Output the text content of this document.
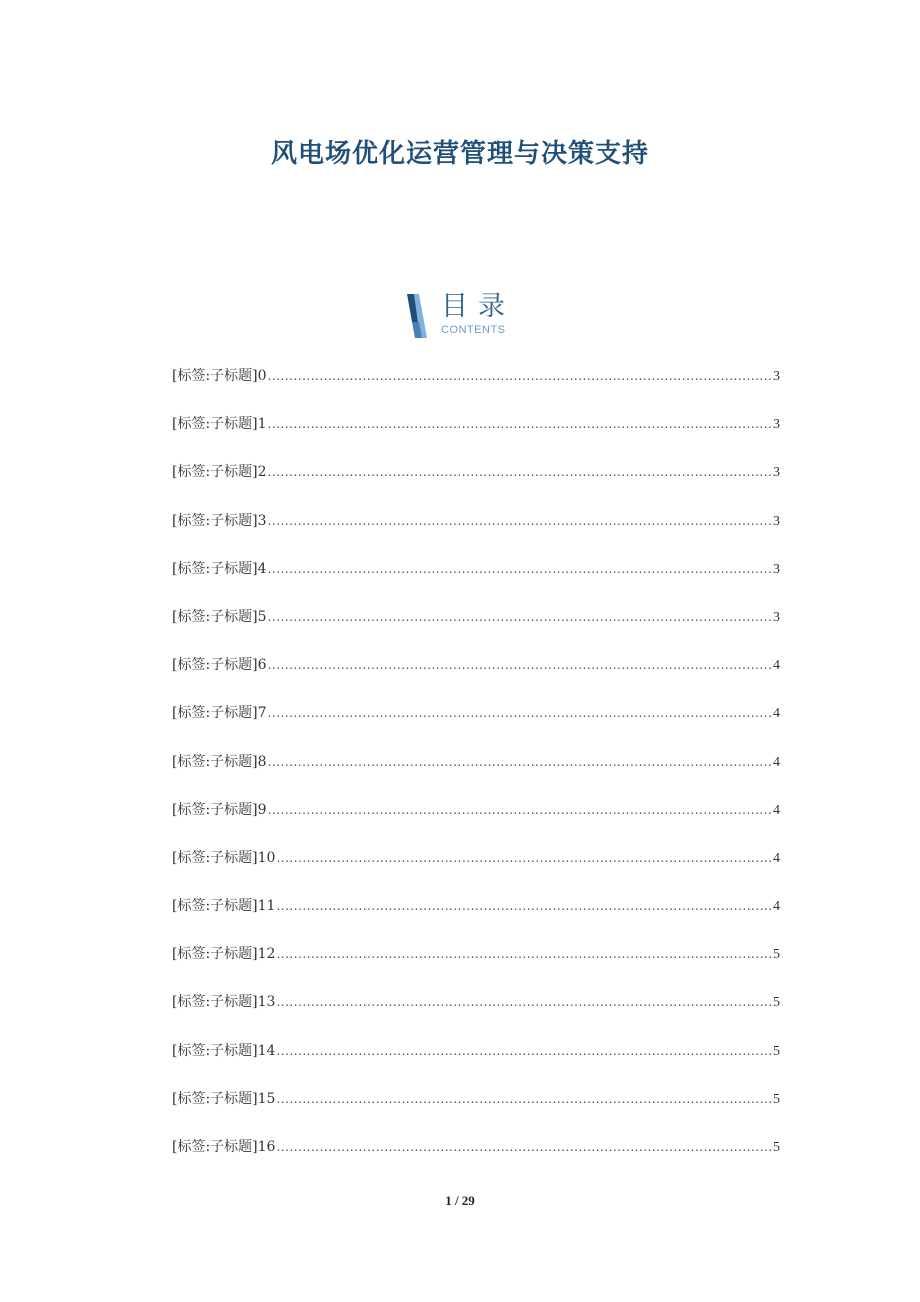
风电场优化运营管理与决策支持
目录
CONTENTS
[标签:子标题]0 .....	3
[标签:子标题]1 .....	3
[标签:子标题]2 .....	3
[标签:子标题]3 .....	3
[标签:子标题]4 .....	3
[标签:子标题]5 .....	3
[标签:子标题]6 .....	4
[标签:子标题]7 .....	4
[标签:子标题]8 .....	4
[标签:子标题]9 .....	4
[标签:子标题]10 .....	4
[标签:子标题]11 .....	4
[标签:子标题]12 .....	5
[标签:子标题]13 .....	5
[标签:子标题]14 .....	5
[标签:子标题]15 .....	5
[标签:子标题]16 .....	5
1 / 29
